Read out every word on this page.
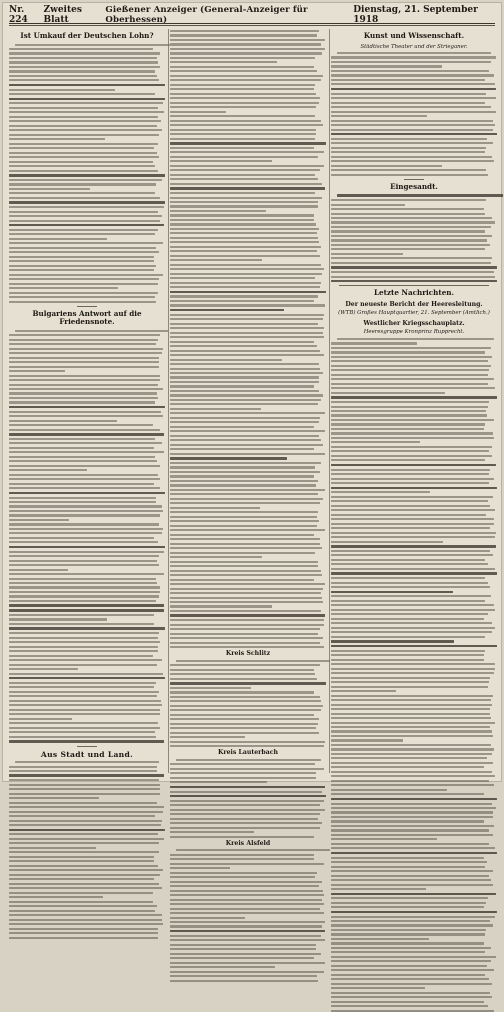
Nr. 224
Zweites Blatt
Gießener Anzeiger (General-Anzeiger für Oberhessen)
Dienstag, 21. September 1918
Ist Umkauf der Deutschen Lohn?
Bulgariens Antwort auf die Friedensnote.
Aus Stadt und Land.
Kreis Schlitz
Kreis Lauterbach
Kreis Alsfeld
Kunst und Wissenschaft.
Städtische Theater und der Strieganer.
Eingesandt.
Letzte Nachrichten.
Der neueste Bericht der Heeresleitung.
(WTB) Großes Hauptquartier, 21. September (Amtlich.)
Westlicher Kriegsschauplatz.
Heeresgruppe Kronprinz Rupprecht.
